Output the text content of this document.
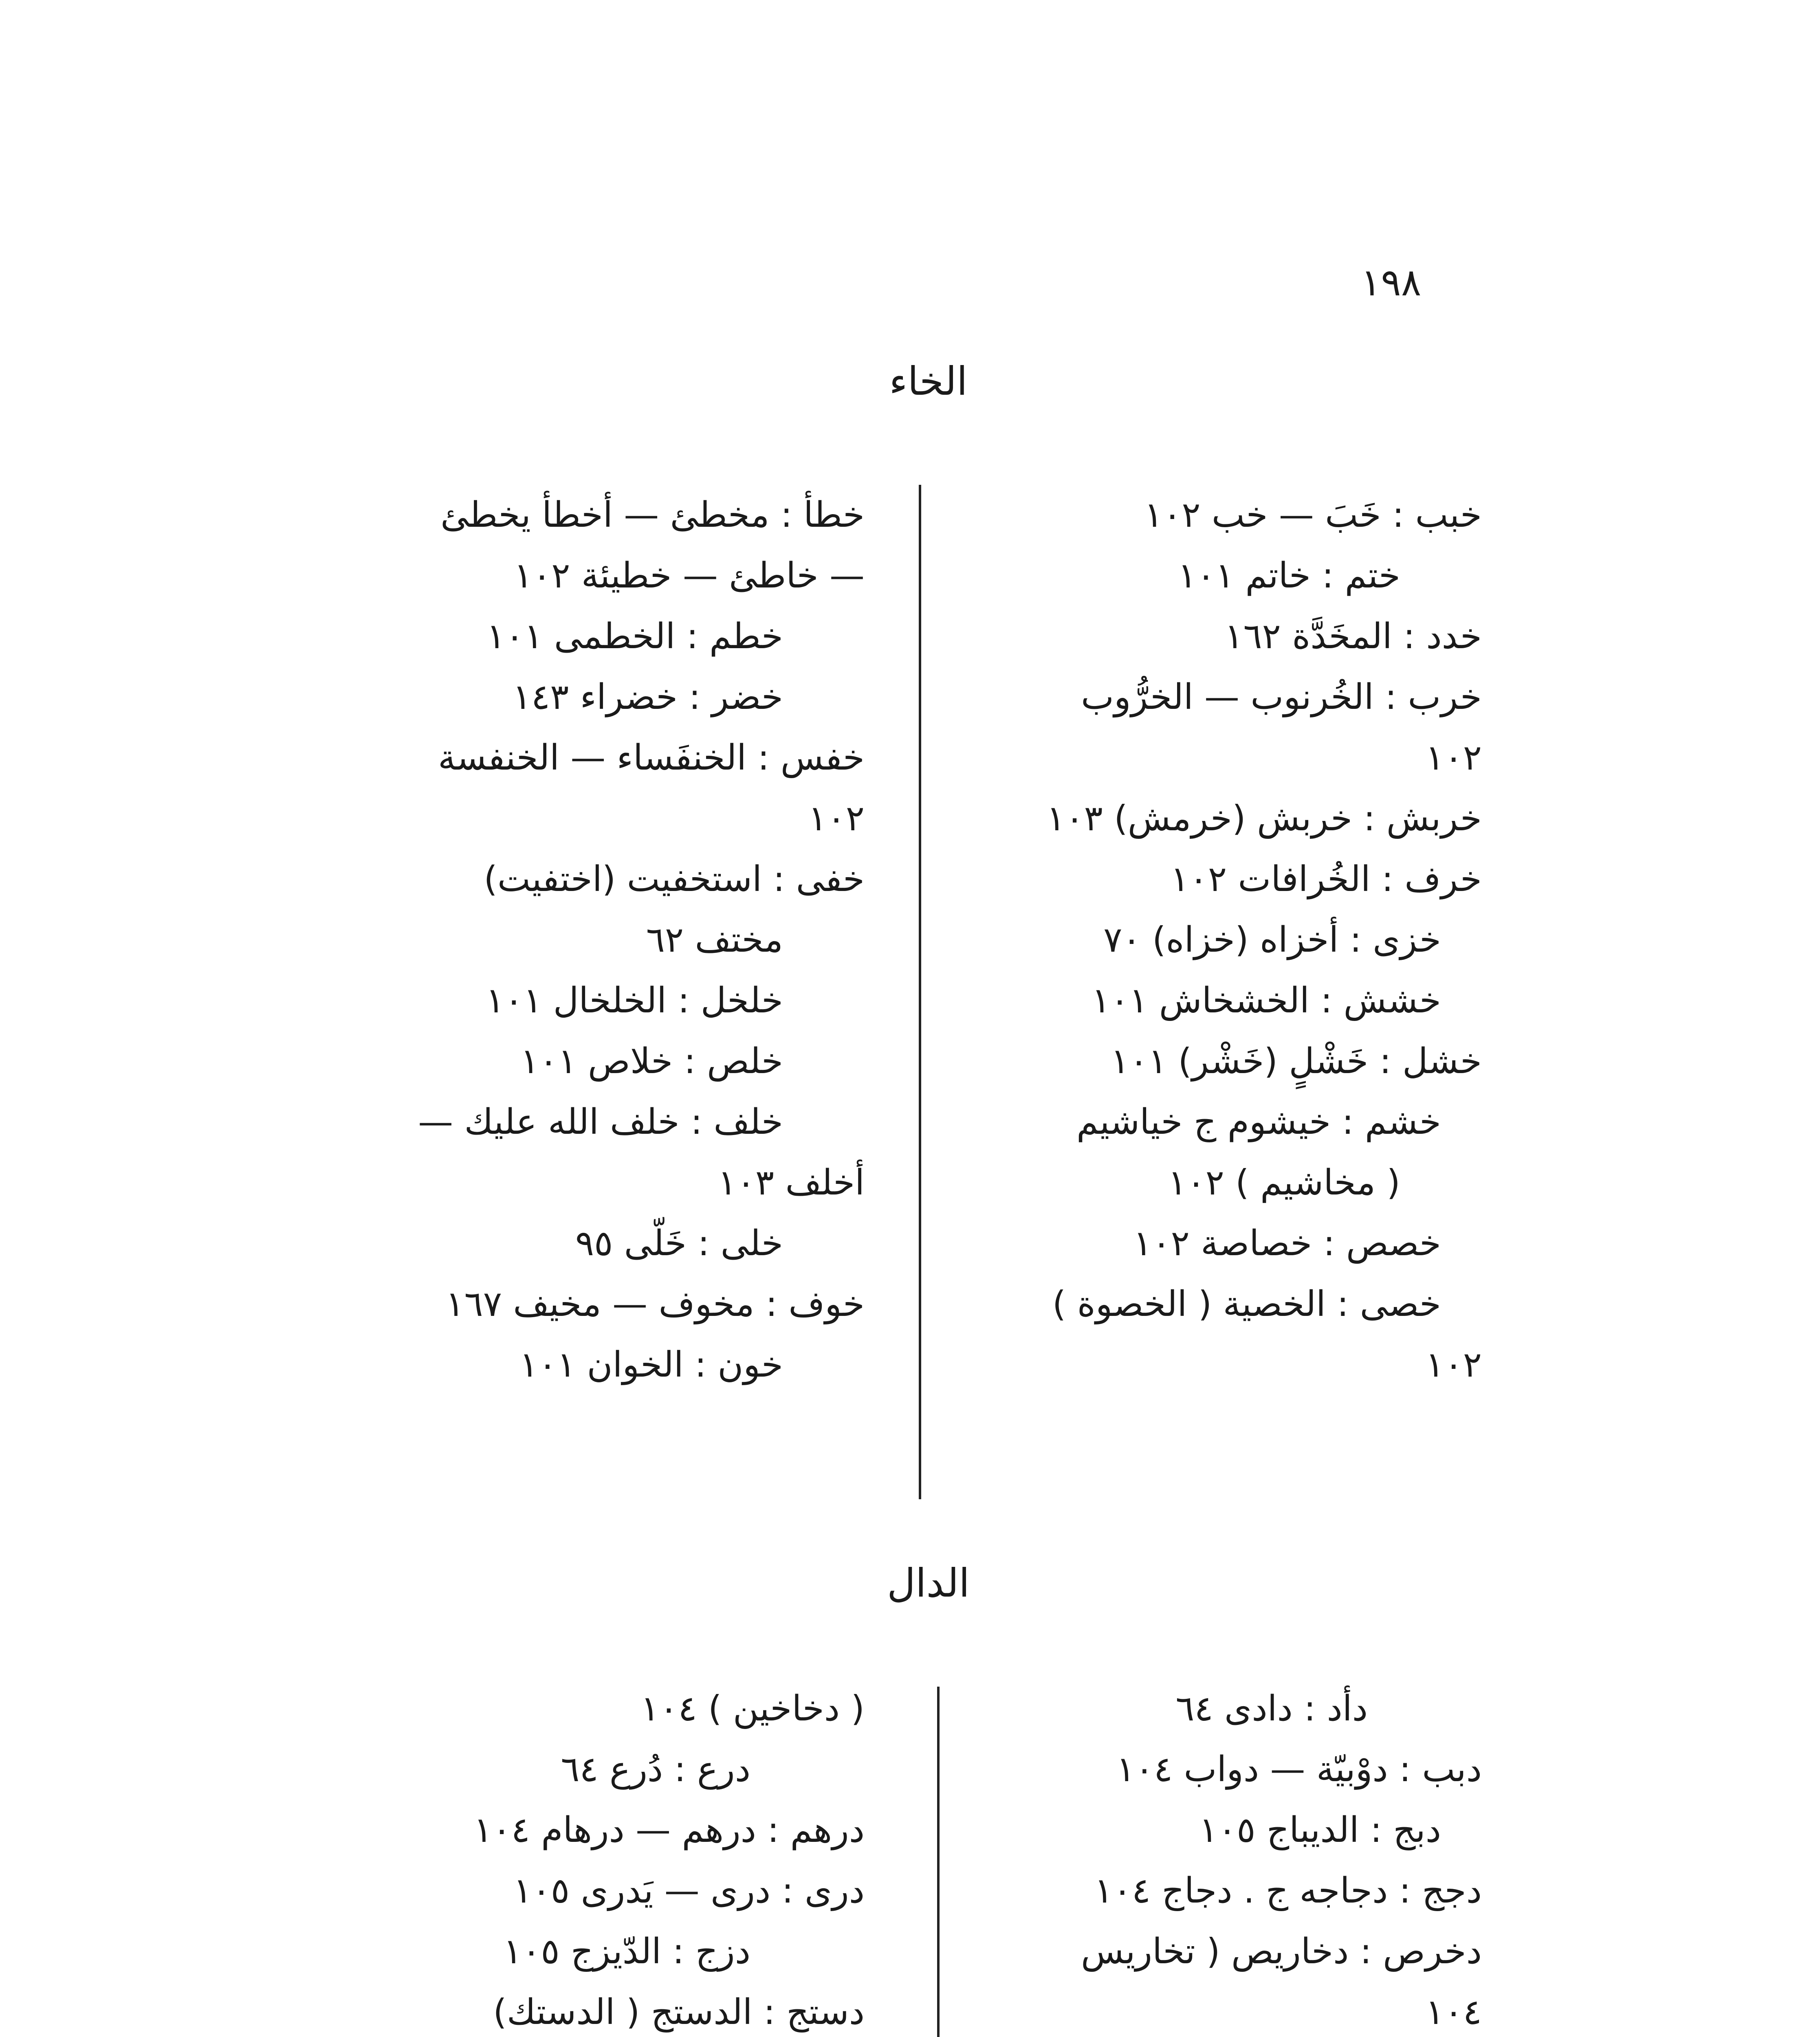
١٩٨
الخاء
خبب : خَبَ — خب ١٠٢
ختم : خاتم ١٠١
خدد : المخَدَّة ١٦٢
خرب : الخُرنوب — الخرُّوب
١٠٢
خربش : خربش (خرمش) ١٠٣
خرف : الخُرافات ١٠٢
خزى : أخزاه (خزاه) ٧٠
خشش : الخشخاش ١٠١
خشل : خَشْلٍ (خَشْر) ١٠١
خشم : خيشوم ج خياشيم
( مخاشيم ) ١٠٢
خصص : خصاصة ١٠٢
خصى : الخصية ( الخصوة )
١٠٢
خطأ : مخطئ — أخطأ يخطئ
— خاطئ — خطيئة ١٠٢
خطم : الخطمى ١٠١
خضر : خضراء ١٤٣
خفس : الخنفَساء — الخنفسة
١٠٢
خفى : استخفيت (اختفيت)
مختف ٦٢
خلخل : الخلخال ١٠١
خلص : خلاص ١٠١
خلف : خلف الله عليك —
أخلف ١٠٣
خلى : خَلّى ٩٥
خوف : مخوف — مخيف ١٦٧
خون : الخوان ١٠١
الدال
دأد : دادى ٦٤
دبب : دوْبيّة — دواب ١٠٤
دبج : الديباج ١٠٥
دجج : دجاجه ج . دجاج ١٠٤
دخرص : دخاريص ( تخاريس
١٠٤
( دخاخين ) ١٠٤
درع : دُرع ٦٤
درهم : درهم — درهام ١٠٤
درى : درى — يَدرى ١٠٥
دزج : الدّيزج ١٠٥
دستج : الدستج ( الدستك)
